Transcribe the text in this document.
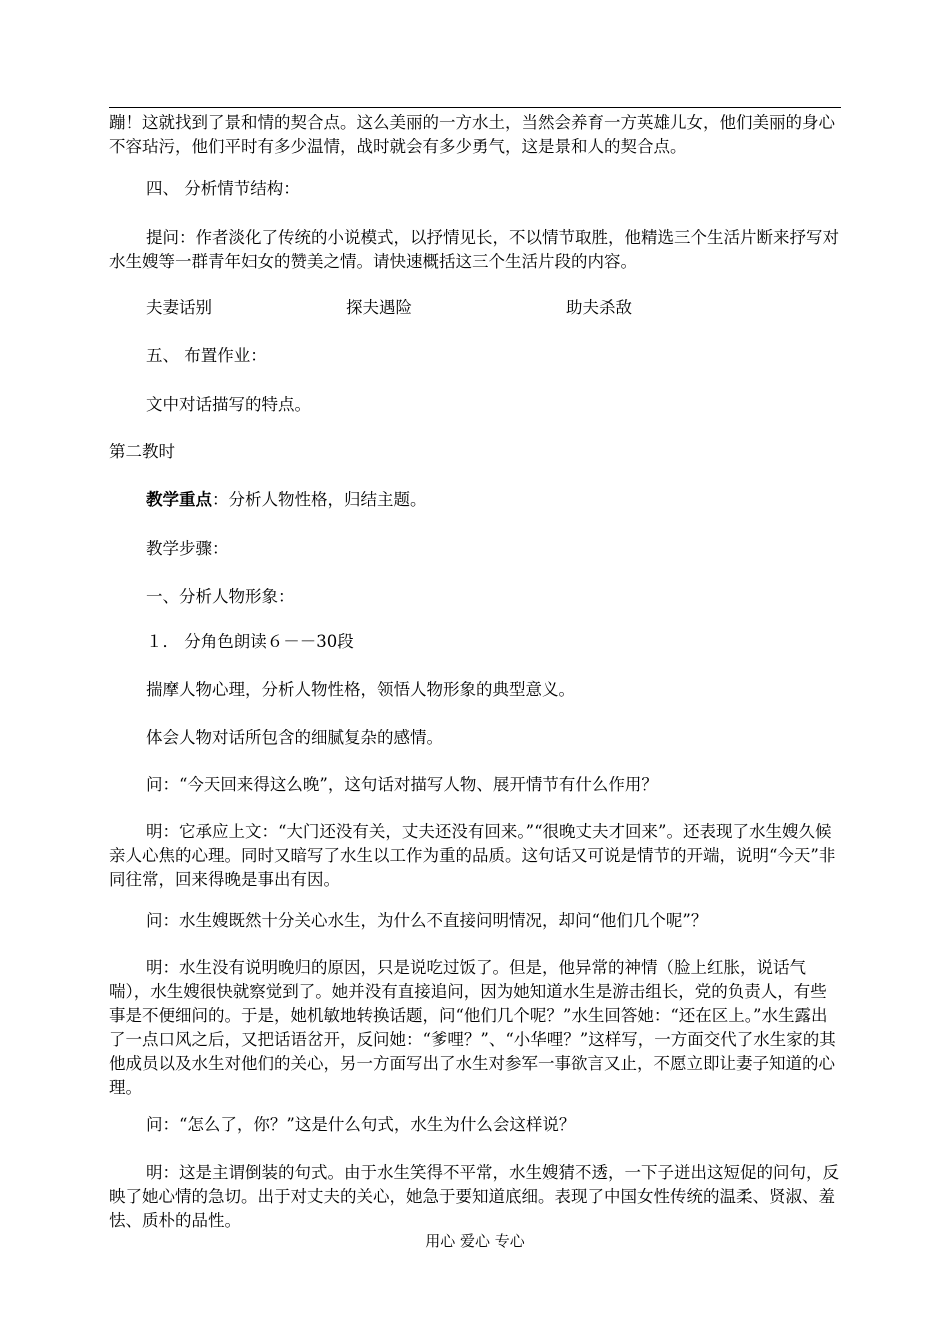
蹦！这就找到了景和情的契合点。这么美丽的一方水土，当然会养育一方英雄儿女，他们美丽的身心不容玷污，他们平时有多少温情，战时就会有多少勇气，这是景和人的契合点。
四、 分析情节结构：
提问：作者淡化了传统的小说模式，以抒情见长，不以情节取胜，他精选三个生活片断来抒写对水生嫂等一群青年妇女的赞美之情。请快速概括这三个生活片段的内容。
夫妻话别	探夫遇险	助夫杀敌
五、 布置作业：
文中对话描写的特点。
第二教时
教学重点：分析人物性格，归结主题。
教学步骤：
一、分析人物形象：
１． 分角色朗读６－－30段
揣摩人物心理，分析人物性格，领悟人物形象的典型意义。
体会人物对话所包含的细腻复杂的感情。
问：“今天回来得这么晚”，这句话对描写人物、展开情节有什么作用？
明：它承应上文：“大门还没有关，丈夫还没有回来。”“很晚丈夫才回来”。还表现了水生嫂久候亲人心焦的心理。同时又暗写了水生以工作为重的品质。这句话又可说是情节的开端，说明“今天”非同往常，回来得晚是事出有因。
问：水生嫂既然十分关心水生，为什么不直接问明情况，却问“他们几个呢”？
明：水生没有说明晚归的原因，只是说吃过饭了。但是，他异常的神情（脸上红胀，说话气喘），水生嫂很快就察觉到了。她并没有直接追问，因为她知道水生是游击组长，党的负责人，有些事是不便细问的。于是，她机敏地转换话题，问“他们几个呢？”水生回答她：“还在区上。”水生露出了一点口风之后，又把话语岔开，反问她：“爹哩？”、“小华哩？”这样写，一方面交代了水生家的其他成员以及水生对他们的关心，另一方面写出了水生对参军一事欲言又止，不愿立即让妻子知道的心理。
问：“怎么了，你？”这是什么句式，水生为什么会这样说？
明：这是主谓倒装的句式。由于水生笑得不平常，水生嫂猜不透，一下子迸出这短促的问句，反映了她心情的急切。出于对丈夫的关心，她急于要知道底细。表现了中国女性传统的温柔、贤淑、羞怯、质朴的品性。
用心 爱心 专心
